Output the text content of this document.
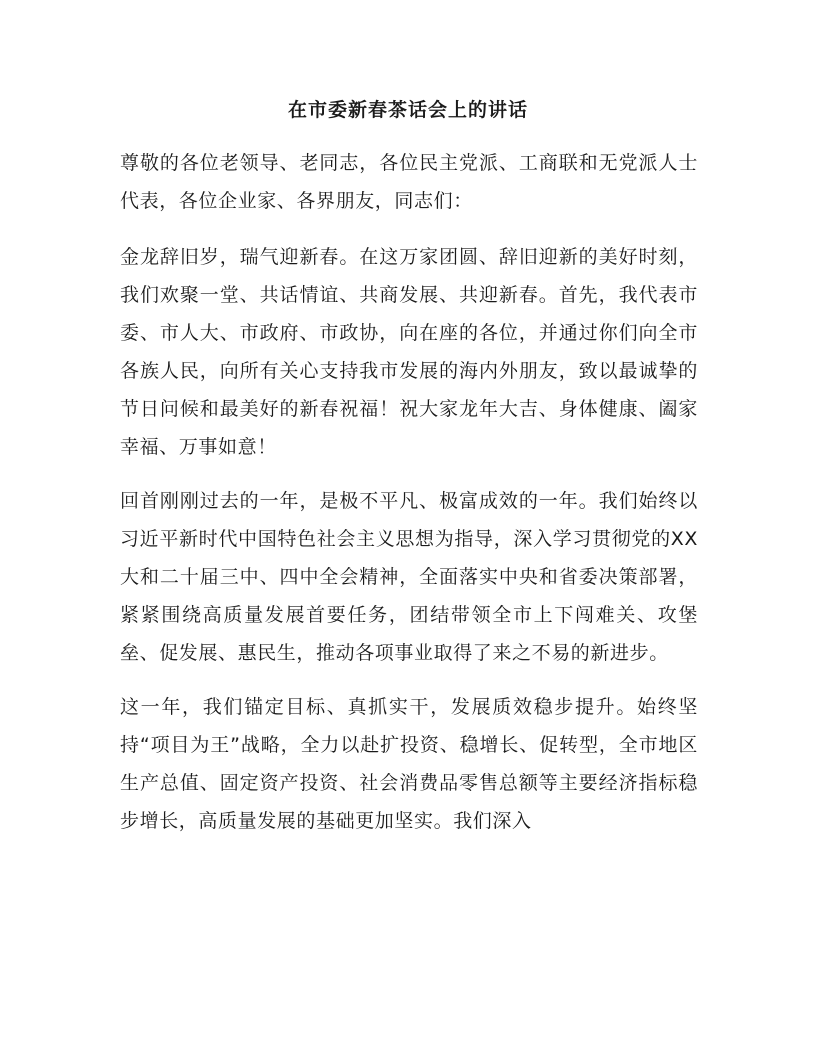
在市委新春茶话会上的讲话

尊敬的各位老领导、老同志，各位民主党派、工商联和无党派人士代表，各位企业家、各界朋友，同志们：

金龙辞旧岁，瑞气迎新春。在这万家团圆、辞旧迎新的美好时刻，我们欢聚一堂、共话情谊、共商发展、共迎新春。首先，我代表市委、市人大、市政府、市政协，向在座的各位，并通过你们向全市各族人民，向所有关心支持我市发展的海内外朋友，致以最诚挚的节日问候和最美好的新春祝福！祝大家龙年大吉、身体健康、阖家幸福、万事如意！

回首刚刚过去的一年，是极不平凡、极富成效的一年。我们始终以习近平新时代中国特色社会主义思想为指导，深入学习贯彻党的XX大和二十届三中、四中全会精神，全面落实中央和省委决策部署，紧紧围绕高质量发展首要任务，团结带领全市上下闯难关、攻堡垒、促发展、惠民生，推动各项事业取得了来之不易的新进步。

这一年，我们锚定目标、真抓实干，发展质效稳步提升。始终坚持“项目为王”战略，全力以赴扩投资、稳增长、促转型，全市地区生产总值、固定资产投资、社会消费品零售总额等主要经济指标稳步增长，高质量发展的基础更加坚实。我们深入
